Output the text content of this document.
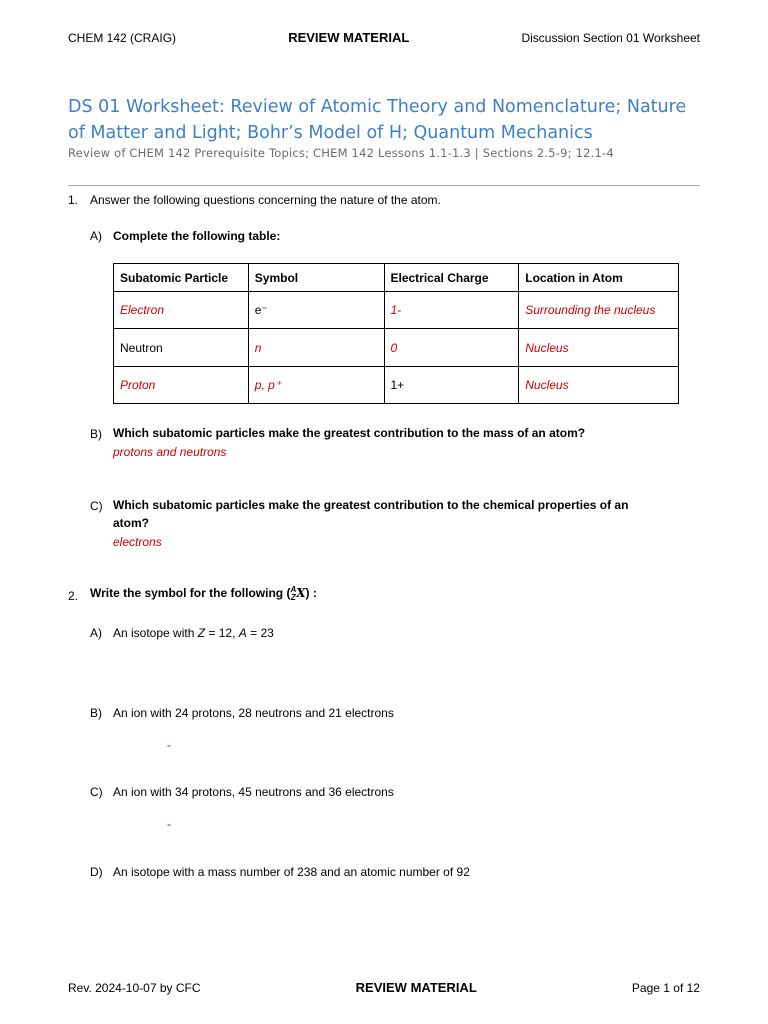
CHEM 142 (CRAIG)	REVIEW MATERIAL	Discussion Section 01 Worksheet
DS 01 Worksheet: Review of Atomic Theory and Nomenclature; Nature of Matter and Light; Bohr’s Model of H; Quantum Mechanics
Review of CHEM 142 Prerequisite Topics; CHEM 142 Lessons 1.1-1.3 | Sections 2.5-9; 12.1-4
1. Answer the following questions concerning the nature of the atom.
A) Complete the following table:
Subatomic Particle	Symbol	Electrical Charge	Location in Atom
Electron	e⁻	1-	Surrounding the nucleus
Neutron	n	0	Nucleus
Proton	p, p⁺	1+	Nucleus
B) Which subatomic particles make the greatest contribution to the mass of an atom?
protons and neutrons
C) Which subatomic particles make the greatest contribution to the chemical properties of an
atom?
electrons
2. Write the symbol for the following ( A
Z X) :
A) An isotope with Z = 12, A = 23
B) An ion with 24 protons, 28 neutrons and 21 electrons
-
C) An ion with 34 protons, 45 neutrons and 36 electrons
-
D) An isotope with a mass number of 238 and an atomic number of 92
Rev. 2024-10-07 by CFC	REVIEW MATERIAL	Page 1 of 12
